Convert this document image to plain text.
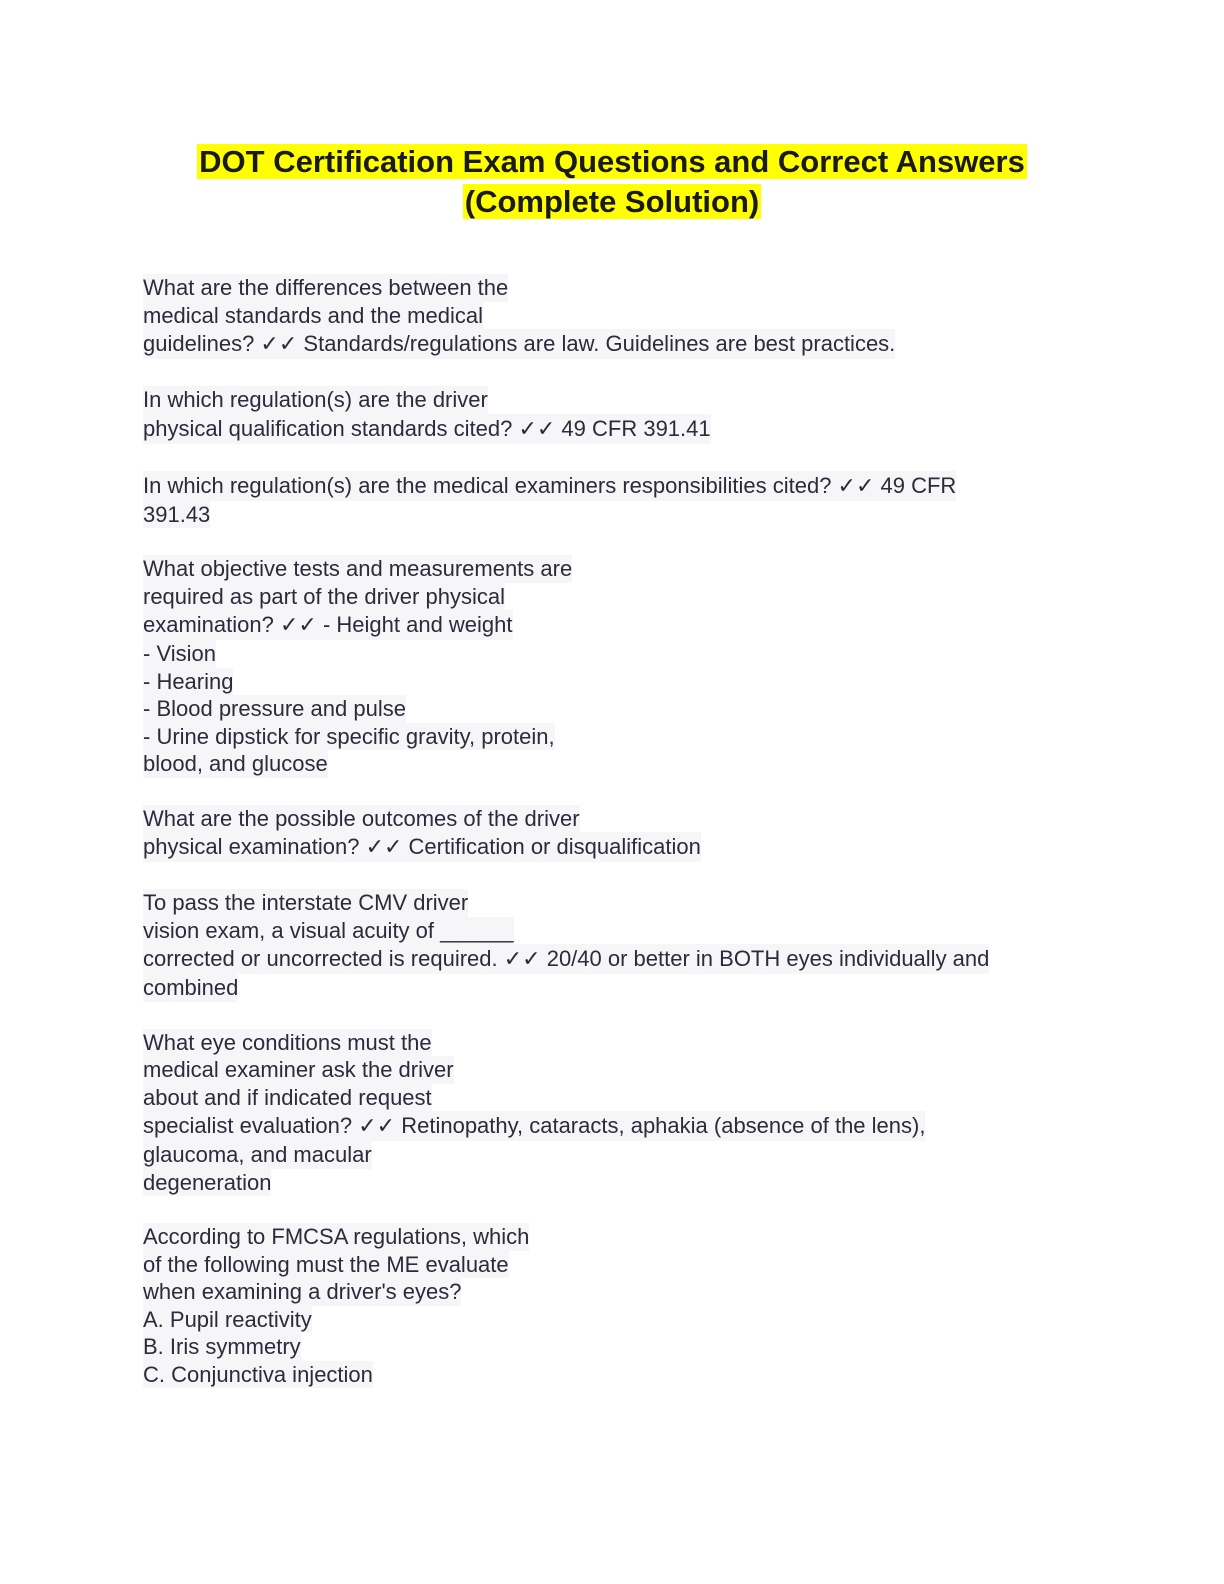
DOT Certification Exam Questions and Correct Answers
(Complete Solution)
What are the differences between the
medical standards and the medical
guidelines? ✓✓ Standards/regulations are law. Guidelines are best practices.
In which regulation(s) are the driver
physical qualification standards cited? ✓✓ 49 CFR 391.41
In which regulation(s) are the medical examiners responsibilities cited? ✓✓ 49 CFR
391.43
What objective tests and measurements are
required as part of the driver physical
examination? ✓✓ - Height and weight
- Vision
- Hearing
- Blood pressure and pulse
- Urine dipstick for specific gravity, protein,
blood, and glucose
What are the possible outcomes of the driver
physical examination? ✓✓ Certification or disqualification
To pass the interstate CMV driver
vision exam, a visual acuity of ______
corrected or uncorrected is required. ✓✓ 20/40 or better in BOTH eyes individually and
combined
What eye conditions must the
medical examiner ask the driver
about and if indicated request
specialist evaluation? ✓✓ Retinopathy, cataracts, aphakia (absence of the lens),
glaucoma, and macular
degeneration
According to FMCSA regulations, which
of the following must the ME evaluate
when examining a driver's eyes?
A. Pupil reactivity
B. Iris symmetry
C. Conjunctiva injection
